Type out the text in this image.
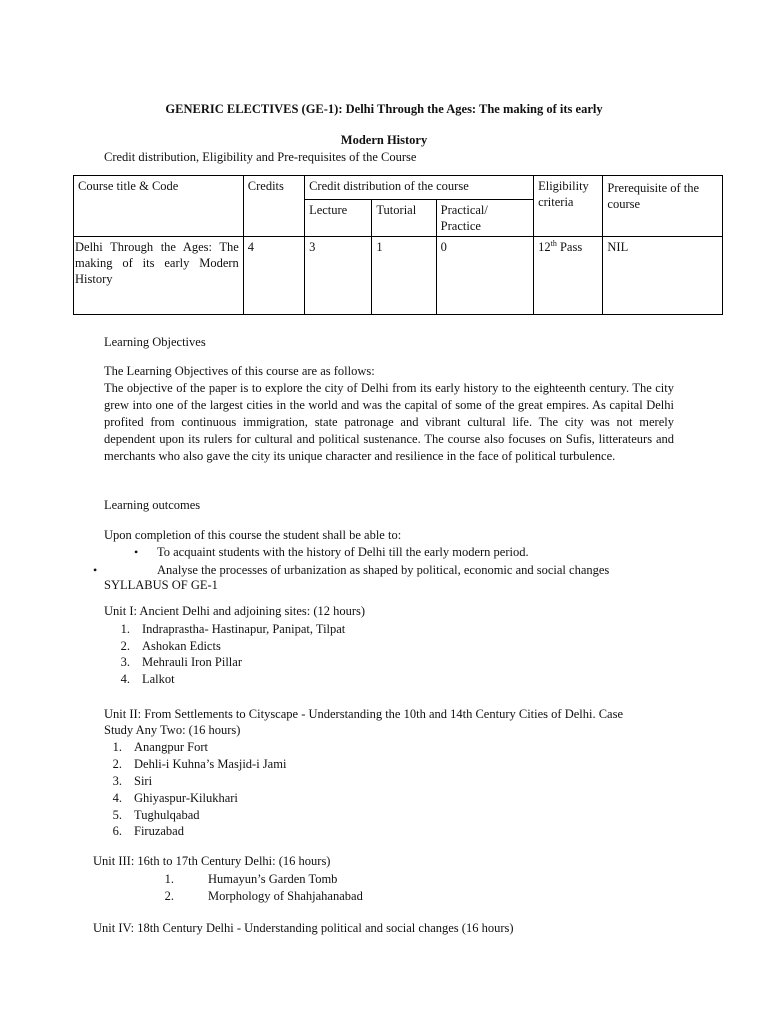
GENERIC ELECTIVES (GE-1): Delhi Through the Ages: The making of its early
Modern History
Credit distribution, Eligibility and Pre-requisites of the Course
Course title & Code	Credits	Credit distribution of the course			Eligibility criteria	Prerequisite of the course
		Lecture	Tutorial	Practical/ Practice		
Delhi Through the Ages: The making of its early Modern History	4	3	1	0	12th Pass	NIL
Learning Objectives
The Learning Objectives of this course are as follows:
The objective of the paper is to explore the city of Delhi from its early history to the eighteenth century. The city grew into one of the largest cities in the world and was the capital of some of the great empires. As capital Delhi profited from continuous immigration, state patronage and vibrant cultural life. The city was not merely dependent upon its rulers for cultural and political sustenance. The course also focuses on Sufis, litterateurs and merchants who also gave the city its unique character and resilience in the face of political turbulence.
Learning outcomes
Upon completion of this course the student shall be able to:
• To acquaint students with the history of Delhi till the early modern period.
•	Analyse the processes of urbanization as shaped by political, economic and social changes
SYLLABUS OF GE-1
Unit I: Ancient Delhi and adjoining sites: (12 hours)
1. Indraprastha- Hastinapur, Panipat, Tilpat
2. Ashokan Edicts
3. Mehrauli Iron Pillar
4. Lalkot
Unit II: From Settlements to Cityscape - Understanding the 10th and 14th Century Cities of Delhi. Case
Study Any Two: (16 hours)
1. Anangpur Fort
2. Dehli-i Kuhna’s Masjid-i Jami
3. Siri
4. Ghiyaspur-Kilukhari
5. Tughulqabad
6. Firuzabad
Unit III: 16th to 17th Century Delhi: (16 hours)
1.	Humayun’s Garden Tomb
2.	Morphology of Shahjahanabad
Unit IV: 18th Century Delhi - Understanding political and social changes (16 hours)
